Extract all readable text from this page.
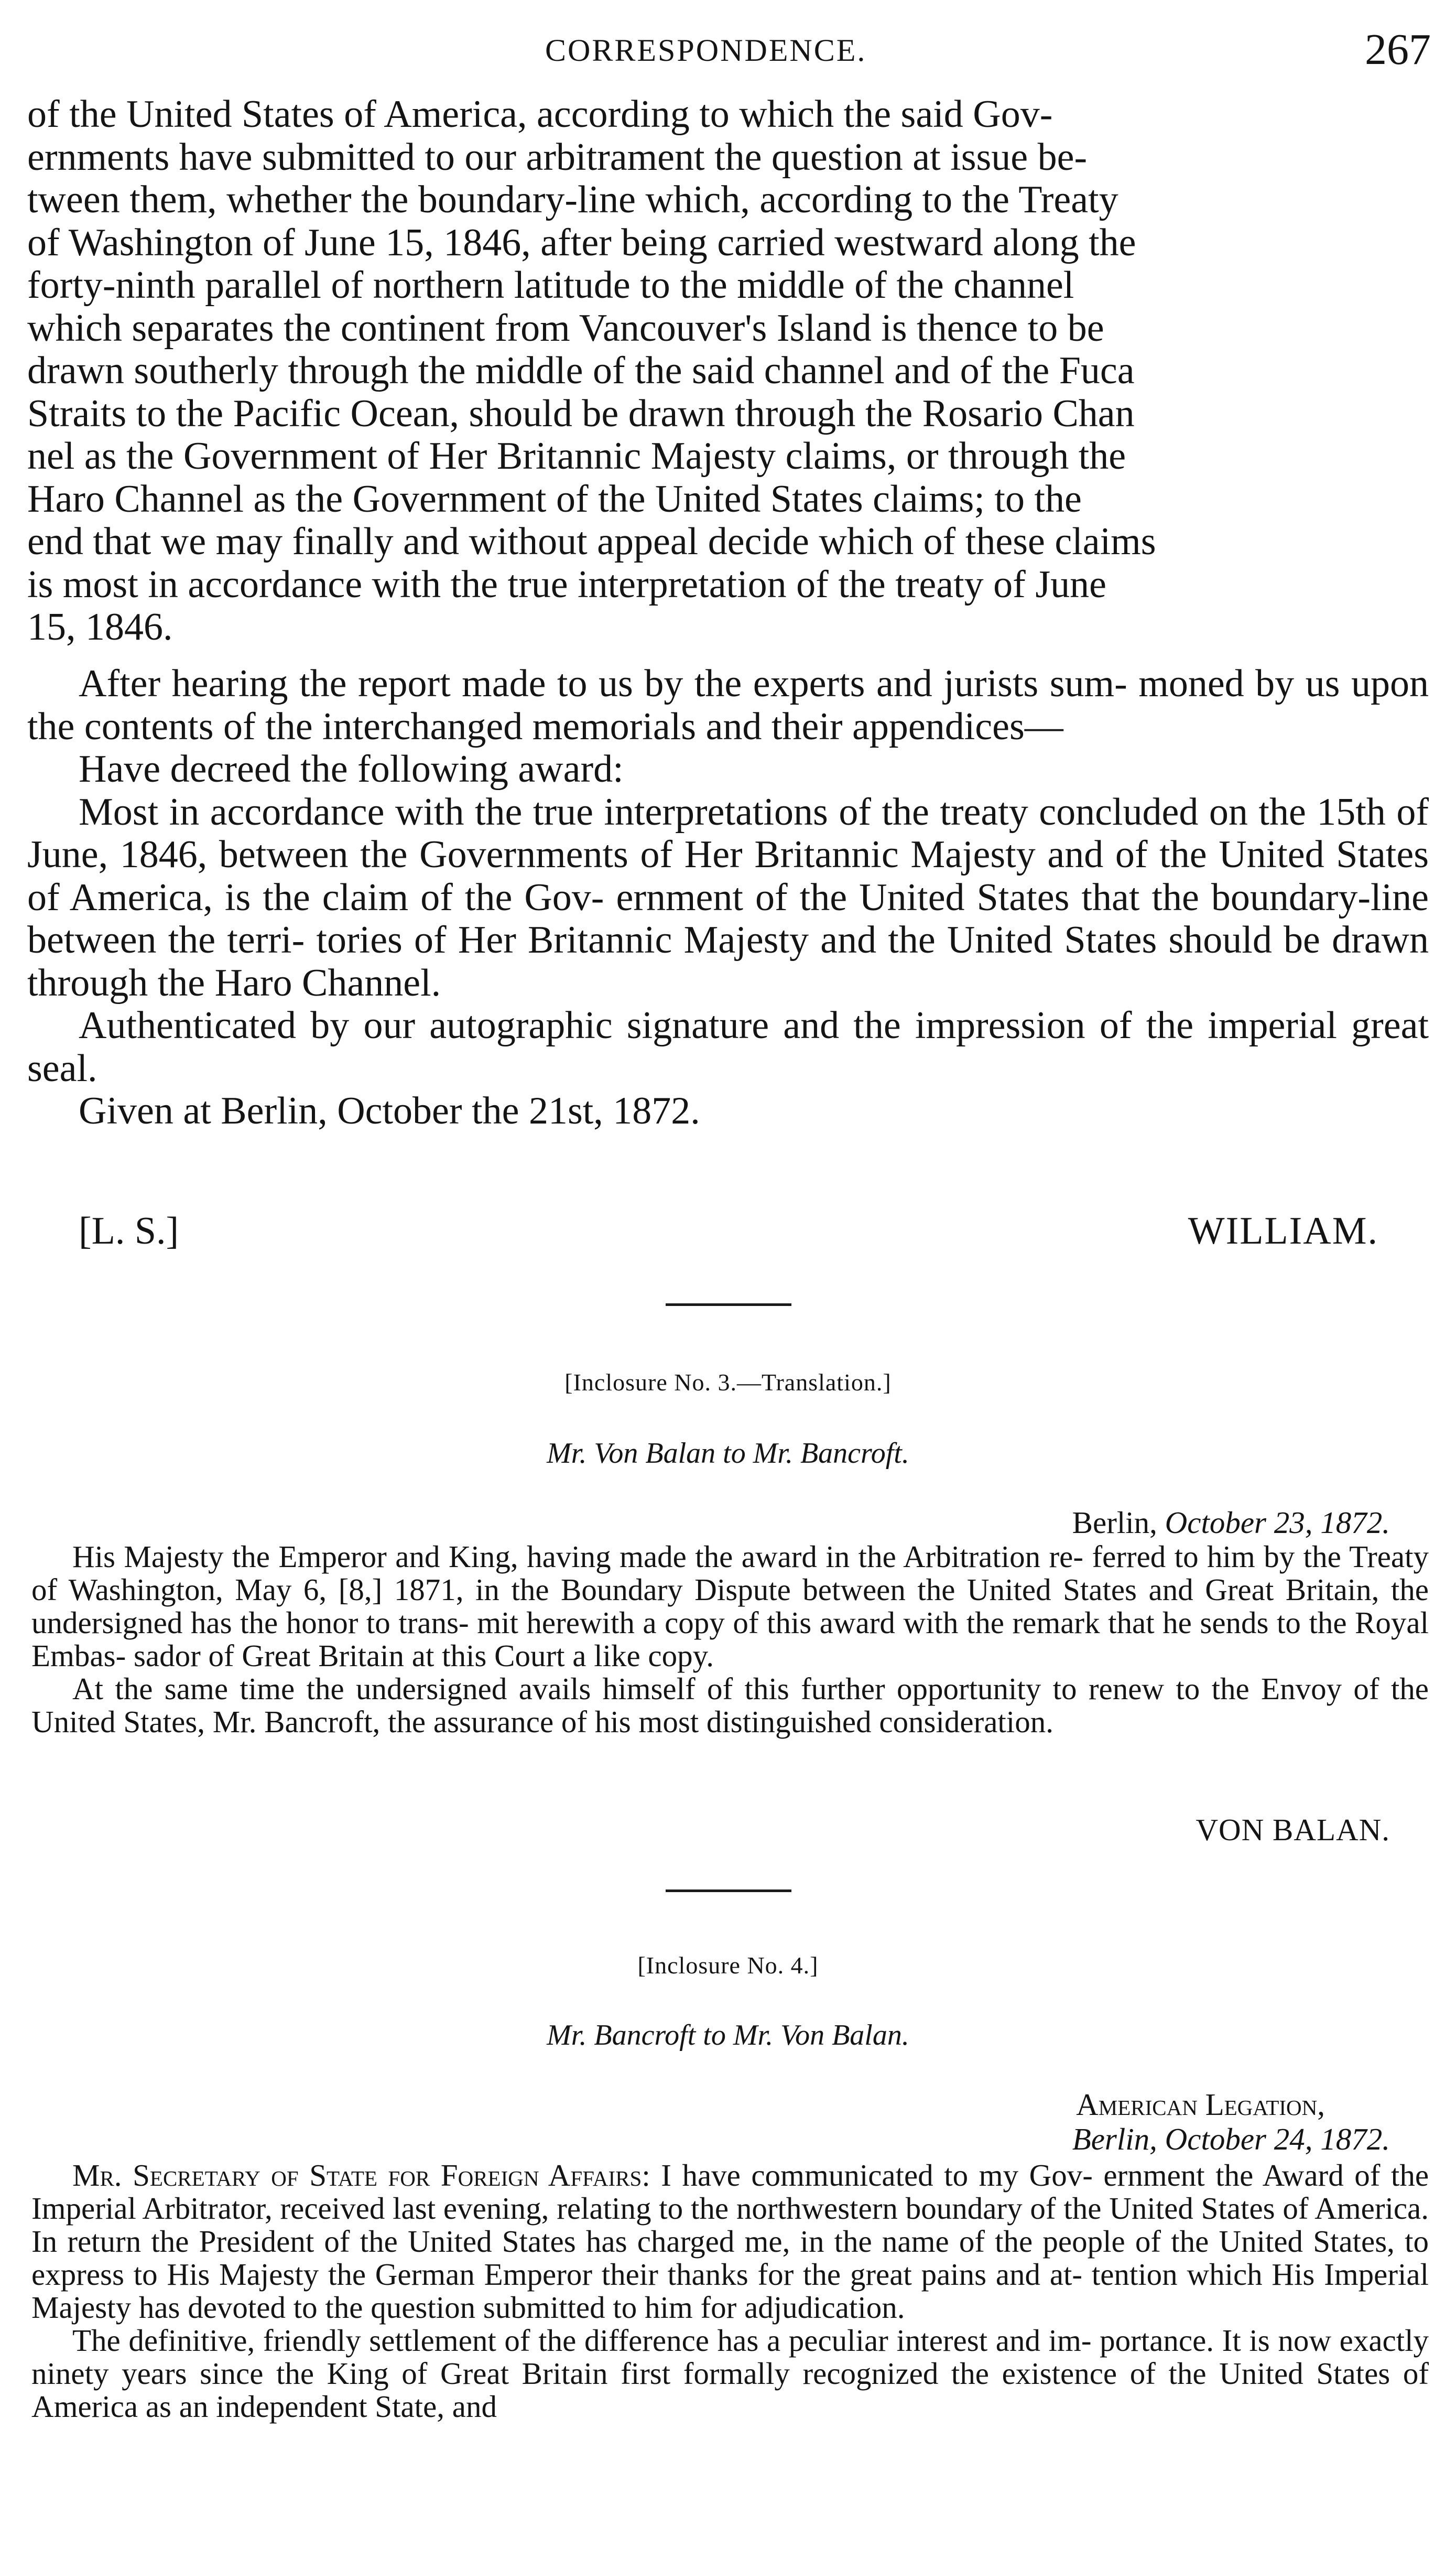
CORRESPONDENCE.	267
of the United States of America, according to which the said Gov-
ernments have submitted to our arbitrament the question at issue be-
tween them, whether the boundary-line which, according to the Treaty
of Washington of June 15, 1846, after being carried westward along the
forty-ninth parallel of northern latitude to the middle of the channel
which separates the continent from Vancouver's Island is thence to be
drawn southerly through the middle of the said channel and of the Fuca
Straits to the Pacific Ocean, should be drawn through the Rosario Chan
nel as the Government of Her Britannic Majesty claims, or through the
Haro Channel as the Government of the United States claims; to the
end that we may finally and without appeal decide which of these claims
is most in accordance with the true interpretation of the treaty of June
15, 1846.

After hearing the report made to us by the experts and jurists sum- moned by us upon the contents of the interchanged memorials and their appendices—

Have decreed the following award:

Most in accordance with the true interpretations of the treaty concluded on the 15th of June, 1846, between the Governments of Her Britannic Majesty and of the United States of America, is the claim of the Gov- ernment of the United States that the boundary-line between the terri- tories of Her Britannic Majesty and the United States should be drawn through the Haro Channel.

Authenticated by our autographic signature and the impression of the imperial great seal.

Given at Berlin, October the 21st, 1872.

[L. S.]	WILLIAM.
[Inclosure No. 3.—Translation.]
Mr. Von Balan to Mr. Bancroft.
Berlin, October 23, 1872.

His Majesty the Emperor and King, having made the award in the Arbitration re- ferred to him by the Treaty of Washington, May 6, [8,] 1871, in the Boundary Dispute between the United States and Great Britain, the undersigned has the honor to trans- mit herewith a copy of this award with the remark that he sends to the Royal Embas- sador of Great Britain at this Court a like copy.

At the same time the undersigned avails himself of this further opportunity to renew to the Envoy of the United States, Mr. Bancroft, the assurance of his most distinguished consideration.

VON BALAN.
[Inclosure No. 4.]
Mr. Bancroft to Mr. Von Balan.
American Legation,
Berlin, October 24, 1872.

Mr. Secretary of State for Foreign Affairs: I have communicated to my Gov- ernment the Award of the Imperial Arbitrator, received last evening, relating to the northwestern boundary of the United States of America. In return the President of the United States has charged me, in the name of the people of the United States, to express to His Majesty the German Emperor their thanks for the great pains and at- tention which His Imperial Majesty has devoted to the question submitted to him for adjudication.

The definitive, friendly settlement of the difference has a peculiar interest and im- portance. It is now exactly ninety years since the King of Great Britain first formally recognized the existence of the United States of America as an independent State, and
